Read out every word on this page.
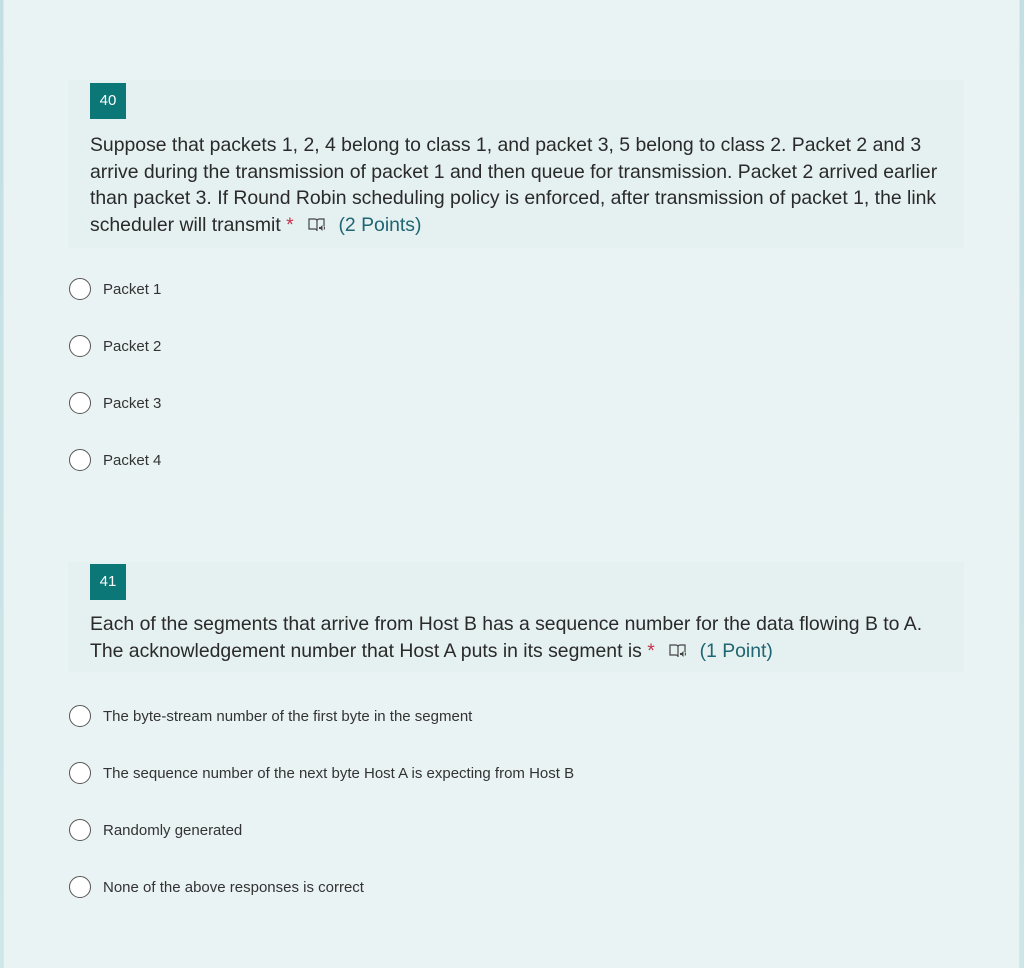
40
Suppose that packets 1, 2, 4 belong to class 1, and packet 3, 5 belong to class 2. Packet 2 and 3 arrive during the transmission of packet 1 and then queue for transmission. Packet 2 arrived earlier than packet 3. If Round Robin scheduling policy is enforced, after transmission of packet 1, the link scheduler will transmit * (2 Points)
Packet 1
Packet 2
Packet 3
Packet 4
41
Each of the segments that arrive from Host B has a sequence number for the data flowing B to A. The acknowledgement number that Host A puts in its segment is * (1 Point)
The byte-stream number of the first byte in the segment
The sequence number of the next byte Host A is expecting from Host B
Randomly generated
None of the above responses is correct
